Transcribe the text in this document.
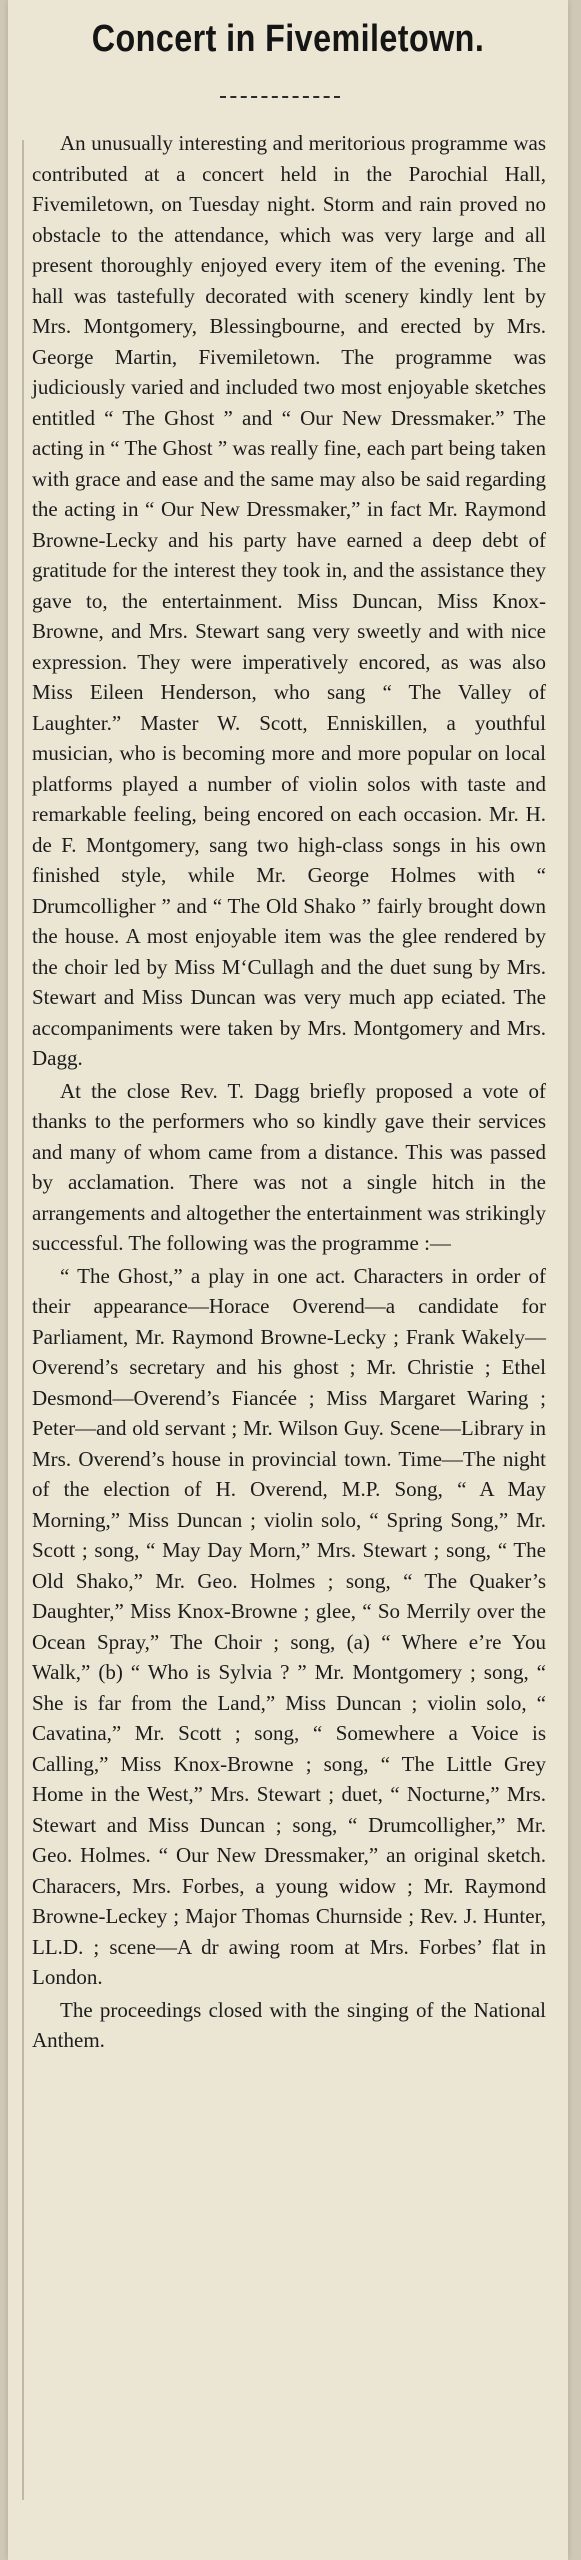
Concert in Fivemiletown.

An unusually interesting and meritorious programme was contributed at a concert held in the Parochial Hall, Fivemiletown, on Tuesday night. Storm and rain proved no obstacle to the attendance, which was very large and all present thoroughly enjoyed every item of the evening. The hall was tastefully decorated with scenery kindly lent by Mrs. Montgomery, Blessingbourne, and erected by Mrs. George Martin, Fivemiletown. The programme was judiciously varied and included two most enjoyable sketches entitled “ The Ghost ” and “ Our New Dressmaker.” The acting in “ The Ghost ” was really fine, each part being taken with grace and ease and the same may also be said regarding the acting in “ Our New Dressmaker,” in fact Mr. Raymond Browne-Lecky and his party have earned a deep debt of gratitude for the interest they took in, and the assistance they gave to, the entertainment. Miss Duncan, Miss Knox-Browne, and Mrs. Stewart sang very sweetly and with nice expression. They were imperatively encored, as was also Miss Eileen Henderson, who sang “ The Valley of Laughter.” Master W. Scott, Enniskillen, a youthful musician, who is becoming more and more popular on local platforms played a number of violin solos with taste and remarkable feeling, being encored on each occasion. Mr. H. de F. Montgomery, sang two high-class songs in his own finished style, while Mr. George Holmes with “ Drumcolligher ” and “ The Old Shako ” fairly brought down the house. A most enjoyable item was the glee rendered by the choir led by Miss M‘Cullagh and the duet sung by Mrs. Stewart and Miss Duncan was very much app eciated. The accompaniments were taken by Mrs. Montgomery and Mrs. Dagg.

At the close Rev. T. Dagg briefly proposed a vote of thanks to the performers who so kindly gave their services and many of whom came from a distance. This was passed by acclamation. There was not a single hitch in the arrangements and altogether the entertainment was strikingly successful. The following was the programme :—

“ The Ghost,” a play in one act. Characters in order of their appearance—Horace Overend—a candidate for Parliament, Mr. Raymond Browne-Lecky ; Frank Wakely—Overend’s secretary and his ghost ; Mr. Christie ; Ethel Desmond—Overend’s Fiancée ; Miss Margaret Waring ; Peter—and old servant ; Mr. Wilson Guy. Scene—Library in Mrs. Overend’s house in provincial town. Time—The night of the election of H. Overend, M.P. Song, “ A May Morning,” Miss Duncan ; violin solo, “ Spring Song,” Mr. Scott ; song, “ May Day Morn,” Mrs. Stewart ; song, “ The Old Shako,” Mr. Geo. Holmes ; song, “ The Quaker’s Daughter,” Miss Knox-Browne ; glee, “ So Merrily over the Ocean Spray,” The Choir ; song, (a) “ Where e’re You Walk,” (b) “ Who is Sylvia ? ” Mr. Montgomery ; song, “ She is far from the Land,” Miss Duncan ; violin solo, “ Cavatina,” Mr. Scott ; song, “ Somewhere a Voice is Calling,” Miss Knox-Browne ; song, “ The Little Grey Home in the West,” Mrs. Stewart ; duet, “ Nocturne,” Mrs. Stewart and Miss Duncan ; song, “ Drumcolligher,” Mr. Geo. Holmes. “ Our New Dressmaker,” an original sketch. Characers, Mrs. Forbes, a young widow ; Mr. Raymond Browne-Leckey ; Major Thomas Churnside ; Rev. J. Hunter, LL.D. ; scene—A dr awing room at Mrs. Forbes’ flat in London.

The proceedings closed with the singing of the National Anthem.
